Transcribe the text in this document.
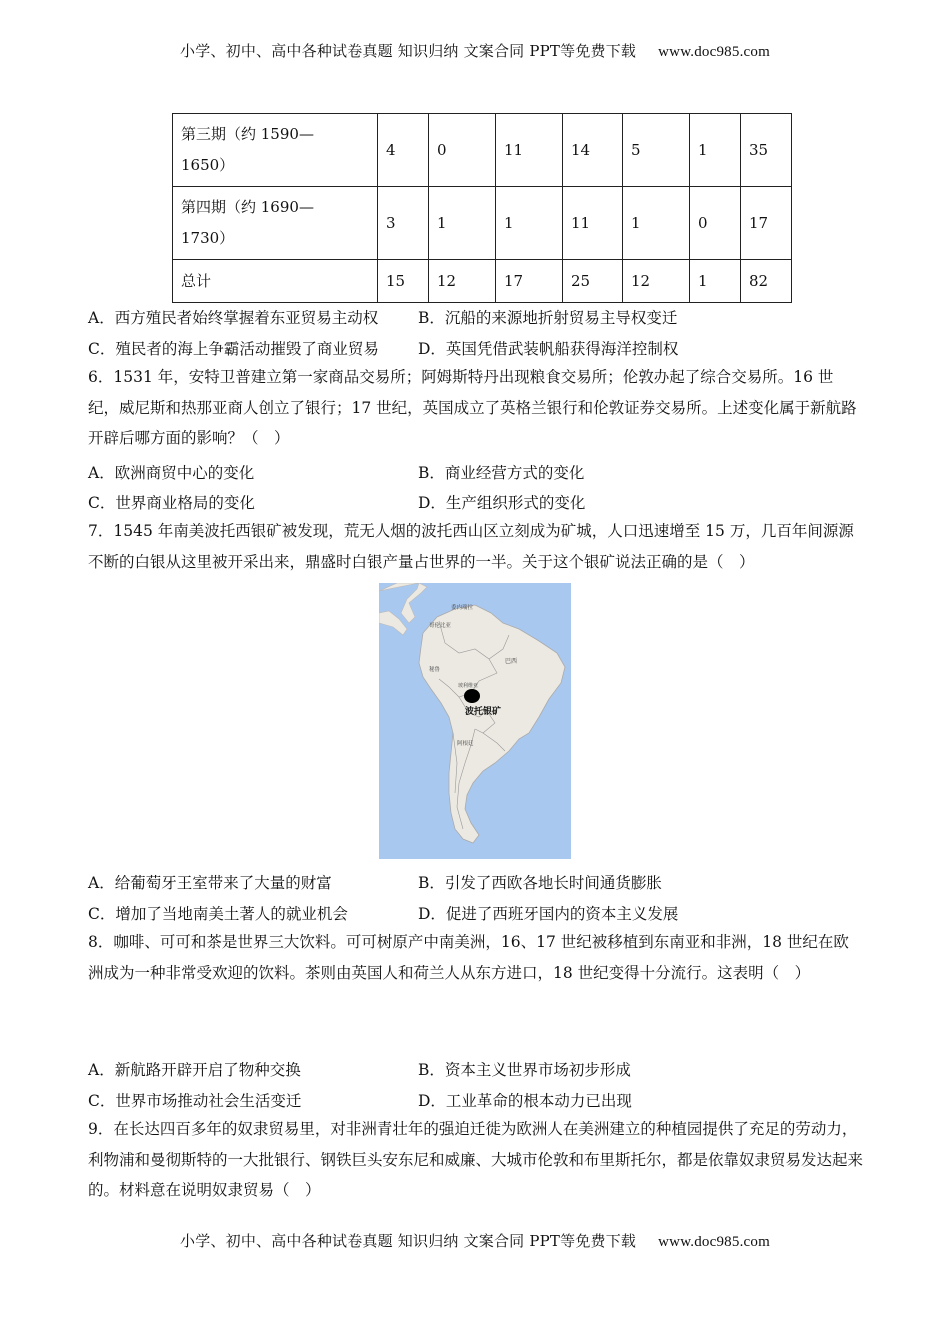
小学、初中、高中各种试卷真题 知识归纳 文案合同 PPT等免费下载 www.doc985.com
第三期（约 1590—
1650）	4	0	11	14	5	1	35
第四期（约 1690—
1730）	3	1	1	11	1	0	17
总计	15	12	17	25	12	1	82
A．西方殖民者始终掌握着东亚贸易主动权	B．沉船的来源地折射贸易主导权变迁
C．殖民者的海上争霸活动摧毁了商业贸易	D．英国凭借武装帆船获得海洋控制权
6．1531 年，安特卫普建立第一家商品交易所；阿姆斯特丹出现粮食交易所；伦敦办起了综合交易所。16 世纪，威尼斯和热那亚商人创立了银行；17 世纪，英国成立了英格兰银行和伦敦证券交易所。上述变化属于新航路开辟后哪方面的影响？（　）
A．欧洲商贸中心的变化	B．商业经营方式的变化
C．世界商业格局的变化	D．生产组织形式的变化
7．1545 年南美波托西银矿被发现，荒无人烟的波托西山区立刻成为矿城，人口迅速增至 15 万，几百年间源源不断的白银从这里被开采出来，鼎盛时白银产量占世界的一半。关于这个银矿说法正确的是（　）
委内瑞拉
哥伦比亚
巴西
秘鲁
玻利维亚
阿根廷
波托银矿
A．给葡萄牙王室带来了大量的财富	B．引发了西欧各地长时间通货膨胀
C．增加了当地南美土著人的就业机会	D．促进了西班牙国内的资本主义发展
8．咖啡、可可和茶是世界三大饮料。可可树原产中南美洲，16、17 世纪被移植到东南亚和非洲，18 世纪在欧洲成为一种非常受欢迎的饮料。茶则由英国人和荷兰人从东方进口，18 世纪变得十分流行。这表明（　）
A．新航路开辟开启了物种交换	B．资本主义世界市场初步形成
C．世界市场推动社会生活变迁	D．工业革命的根本动力已出现
9．在长达四百多年的奴隶贸易里，对非洲青壮年的强迫迁徙为欧洲人在美洲建立的种植园提供了充足的劳动力，利物浦和曼彻斯特的一大批银行、钢铁巨头安东尼和威廉、大城市伦敦和布里斯托尔，都是依靠奴隶贸易发达起来的。材料意在说明奴隶贸易（　）
小学、初中、高中各种试卷真题 知识归纳 文案合同 PPT等免费下载 www.doc985.com
